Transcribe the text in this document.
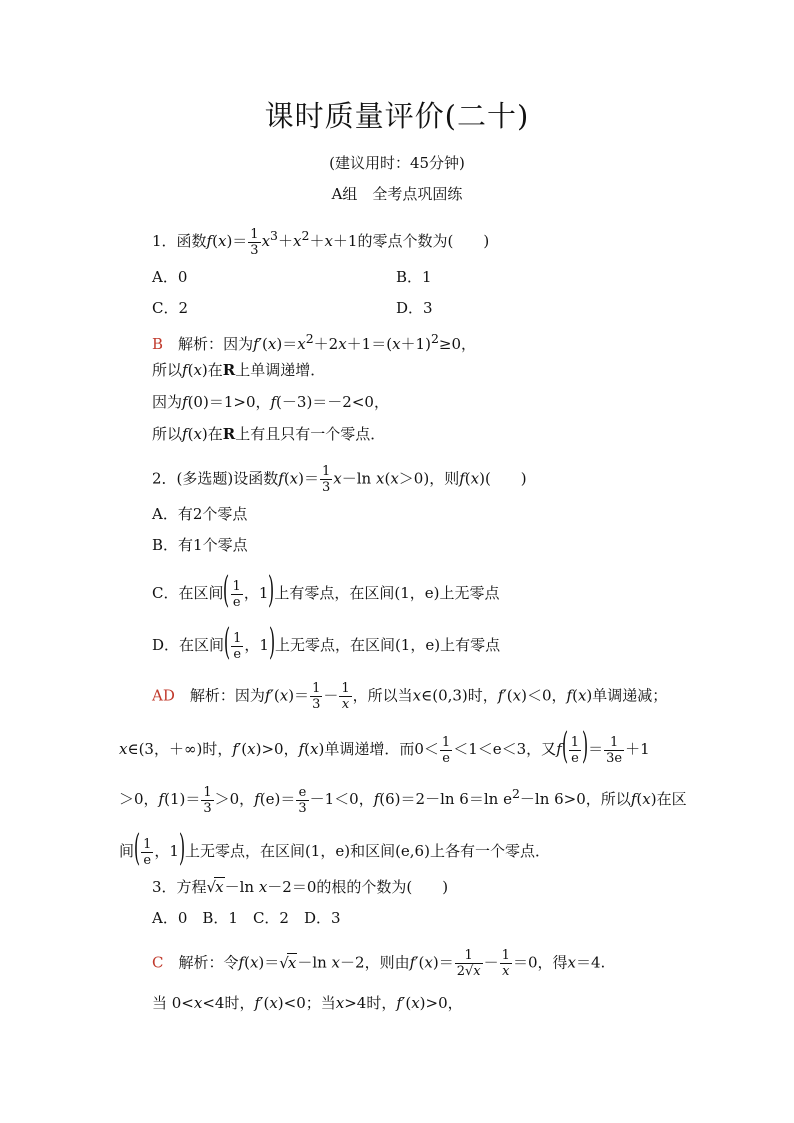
课时质量评价(二十)
(建议用时：45分钟)
A组　全考点巩固练
1．函数$f(x)= \frac{1}{3} x^3+x^2+x+1$的零点个数为(　　)
A．0	B．1
C．2	D．3
B　 解析：因为$f'(x)=x^2+2x+1=(x+1)^2\ge 0$，
所以f(x)在R上单调递增．
因为f(0)＝1>0，f(－3)＝－2<0，
所以f(x)在R上有且只有一个零点．
2．(多选题)设函数$f(x)= \frac{1}{3} x-\ln$ x(x＞0)，则f(x)(　　)
A．有2个零点
B．有1个零点
C．在区间( $\frac{1}{e}$ ，1)上有零点，在区间(1，e)上无零点
D．在区间( $\frac{1}{e}$ ，1)上无零点，在区间(1，e)上有零点
AD　 解析：因为$f'(x)= \frac{1}{3} - \frac{1}{x}$ ，所以当x∈(0,3)时，f′(x)＜0，f(x)单调递减；
x∈(3，＋∞)时，f′(x)>0，f(x)单调递增．而$0< \frac{1}{e} <1<e<3$，又$f( \frac{1}{e}$ )＝ $\frac{1}{3e} +1$
＞0，$f(1)= \frac{1}{3} >0$，$f(e)= \frac{e}{3} -1<0$，f(6)＝2－ln 6＝ln $e^2-\ln$ 6>0，所以f(x)在区
间( $\frac{1}{e}$ ，1)上无零点，在区间(1，e)和区间(e,6)上各有一个零点．
3．方程√x－ln x－2＝0的根的个数为(　　)
A．0　B．1　C．2　D．3
C　 解析：令f(x)＝√x－ln x－2，则由$f'(x)= \frac{1}{2√x} - \frac{1}{x} =0$，得x＝4.
当 0<x<4时，f′(x)<0；当x>4时，f′(x)>0，
